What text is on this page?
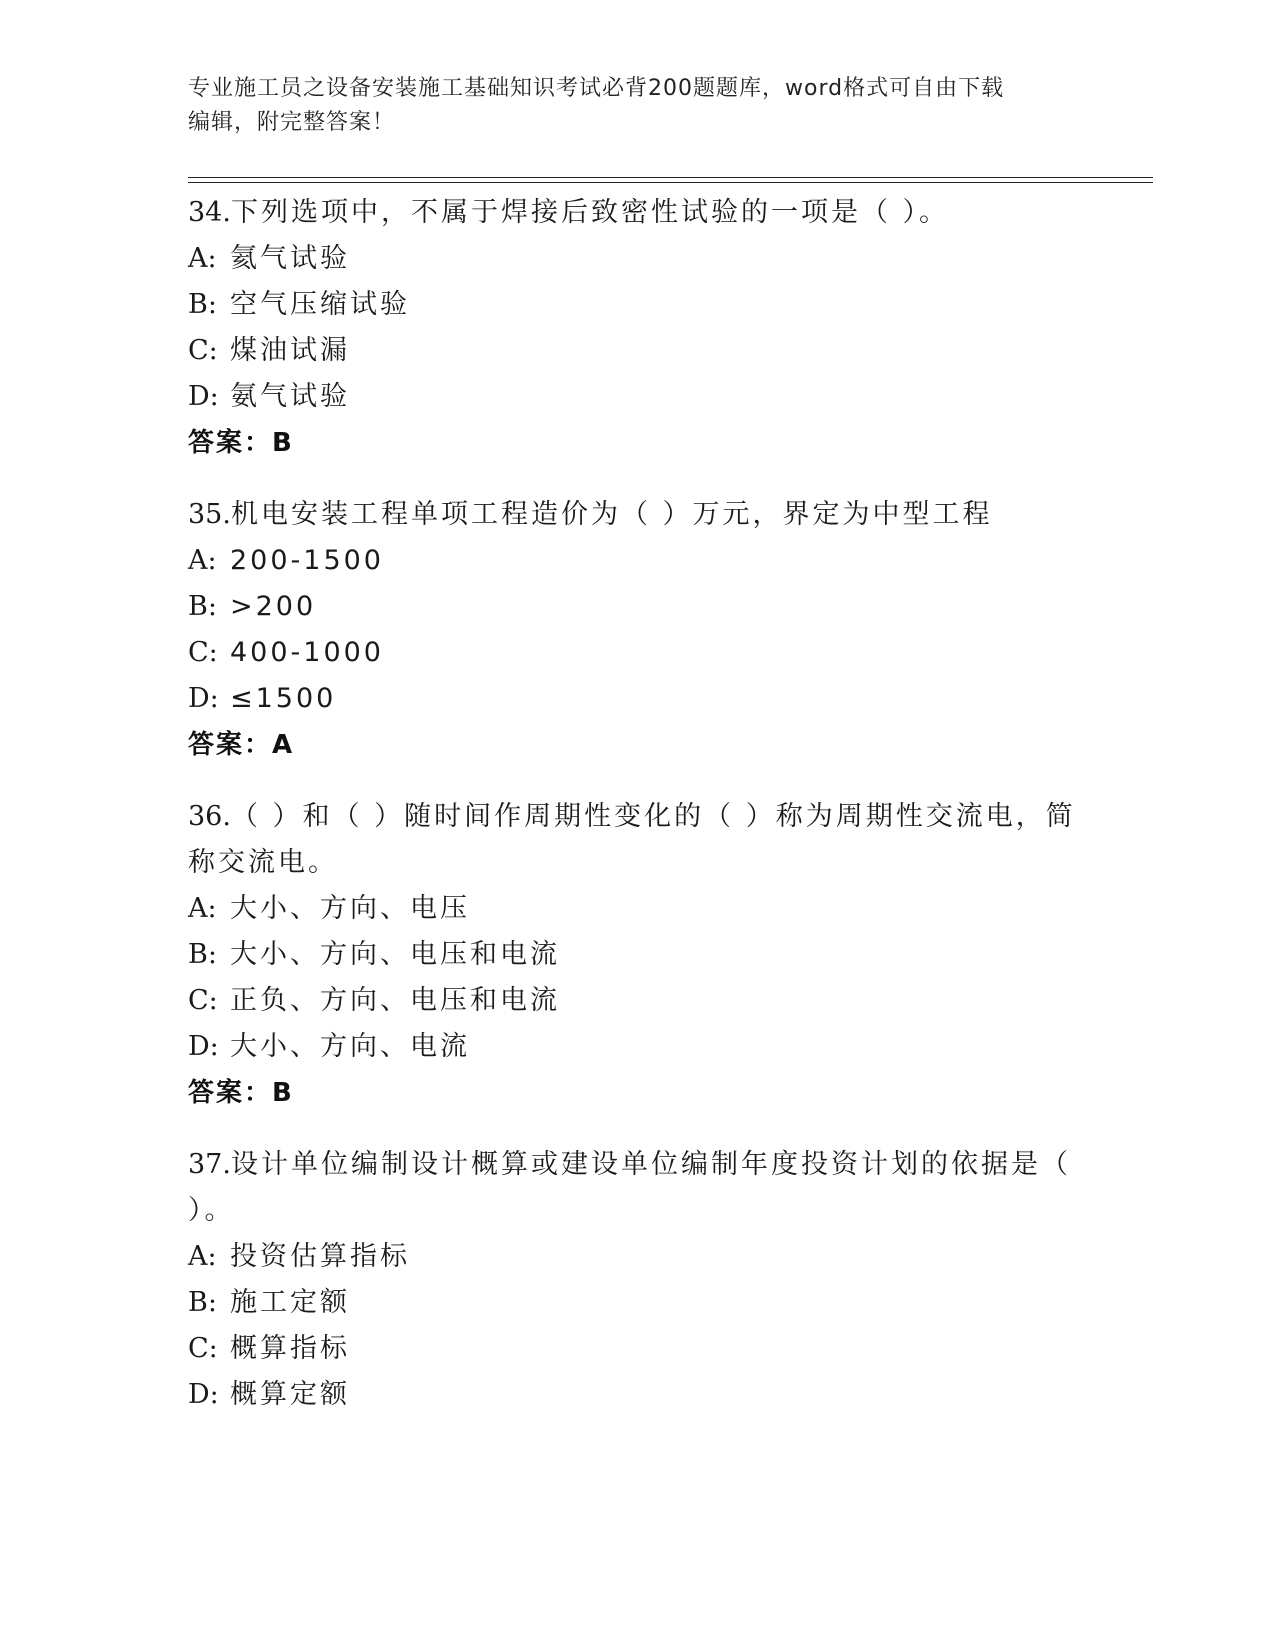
专业施工员之设备安装施工基础知识考试必背200题题库，word格式可自由下载
编辑，附完整答案！

34.下列选项中，不属于焊接后致密性试验的一项是（ ）。

A: 氦气试验

B: 空气压缩试验

C: 煤油试漏

D: 氨气试验

答案：B

35.机电安装工程单项工程造价为（ ）万元，界定为中型工程

A: 200-1500

B: >200

C: 400-1000

D: ≤1500

答案：A

36.（ ）和（ ）随时间作周期性变化的（ ）称为周期性交流电，简称交流电。

A: 大小、方向、电压

B: 大小、方向、电压和电流

C: 正负、方向、电压和电流

D: 大小、方向、电流

答案：B

37.设计单位编制设计概算或建设单位编制年度投资计划的依据是（ ）。

A: 投资估算指标

B: 施工定额

C: 概算指标

D: 概算定额
